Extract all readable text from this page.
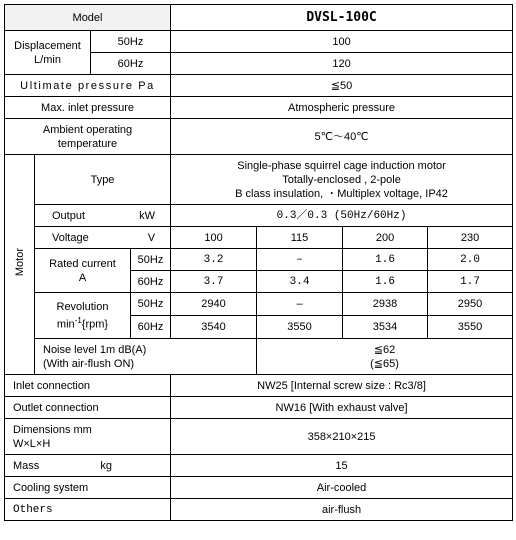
Model				DVSL-100C			

Displacement
L/min		50Hz		100			
		60Hz		120			
Ultimate pressure Pa				≦50			
Max. inlet pressure				Atmospheric pressure			

Ambient operating
temperature				5℃～40℃			
Motor	Type			Single-phase squirrel cage induction motor
Totally-enclosed , 2-pole
B class insulation, ・Multiplex voltage, IP42			

	Output kW			0.3／0.3 (50Hz/60Hz)			

	Voltage V			100	115	200	230

	Rated current
A		50Hz	3.2	–	1.6	2.0
			60Hz	3.7	3.4	1.6	1.7

	Revolution
$\min^{-1}\{rpm\}$		50Hz	2940	–	2938	2950
			60Hz	3540	3550	3534	3550

	Noise level 1m dB(A)
(With air-flush ON)				≦62
(≦65)		

Inlet connection				NW25 [Internal screw size : Rc3/8]			
Outlet connection				NW16 [With exhaust valve]			

Dimensions mm
W×L×H				358×210×215			

Mass kg				15			
Cooling system				Air-cooled			
Others				air-flush			
